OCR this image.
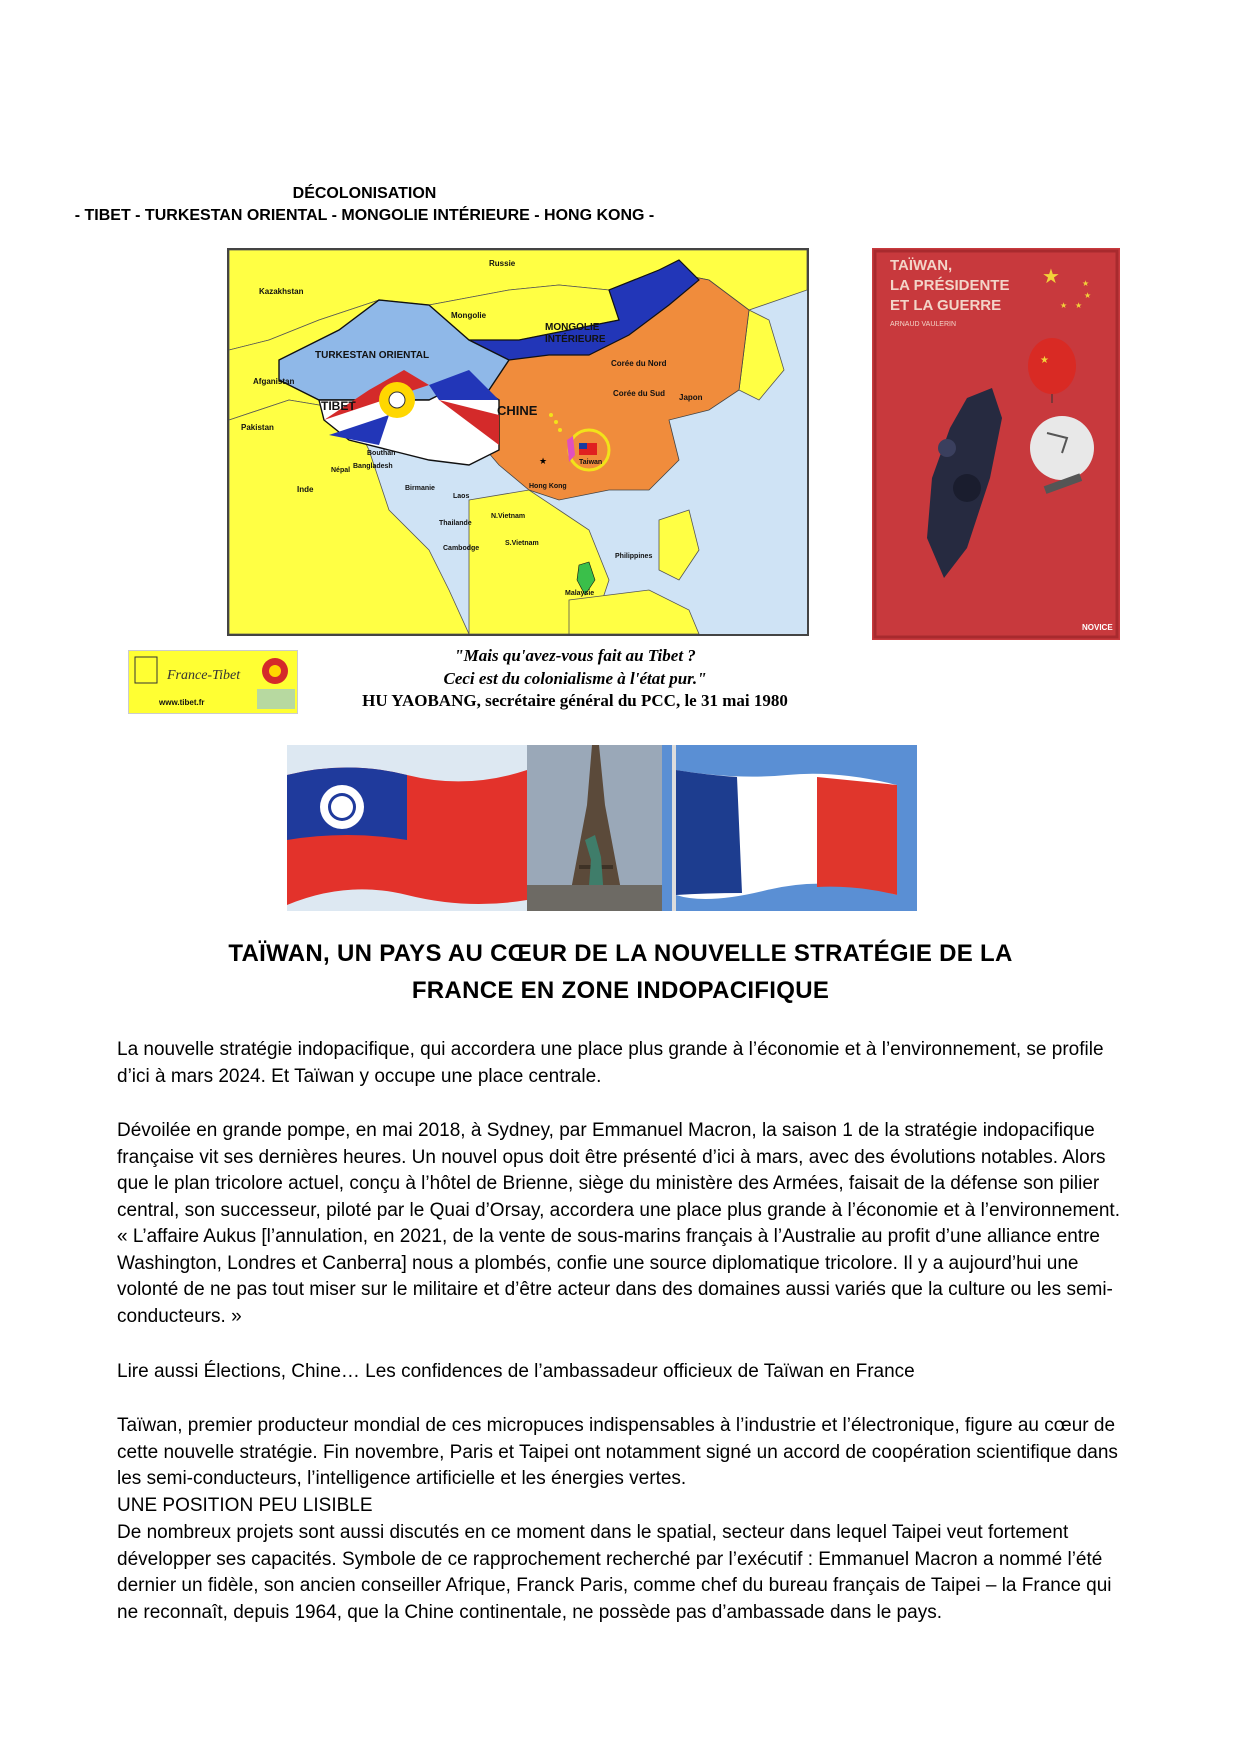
DÉCOLONISATION
- TIBET - TURKESTAN ORIENTAL - MONGOLIE INTÉRIEURE - HONG KONG -
★
Russie
Kazakhstan
Mongolie
MONGOLIE
INTÉRIEURE
TURKESTAN ORIENTAL
Afganistan
Corée du Nord
Corée du Sud Japon
Pakistan
TIBET	CHINE
Népal
Bouthan
Bangladesh
Inde	Birmanie
Laos
Hong Kong
Taiwan
N.Vietnam
Thailande
Cambodge
S.Vietnam
Philippines
Malaysie
TAÏWAN,
LA PRÉSIDENTE
ET LA GUERRE
ARNAUD VAULERIN
★	★
★
★
★
★
NOVICE
France-Tibet
www.tibet.fr
"Mais qu'avez-vous fait au Tibet ?
Ceci est du colonialisme à l'état pur."
HU YAOBANG, secrétaire général du PCC, le 31 mai 1980
TAÏWAN, UN PAYS AU CŒUR DE LA NOUVELLE STRATÉGIE DE LA
FRANCE EN ZONE INDOPACIFIQUE
La nouvelle stratégie indopacifique, qui accordera une place plus grande à l’économie et à l’environnement, se profile d’ici à mars 2024. Et Taïwan y occupe une place centrale.
Dévoilée en grande pompe, en mai 2018, à Sydney, par Emmanuel Macron, la saison 1 de la stratégie indopacifique française vit ses dernières heures. Un nouvel opus doit être présenté d’ici à mars, avec des évolutions notables. Alors que le plan tricolore actuel, conçu à l’hôtel de Brienne, siège du ministère des Armées, faisait de la défense son pilier central, son successeur, piloté par le Quai d’Orsay, accordera une place plus grande à l’économie et à l’environnement. « L’affaire Aukus [l’annulation, en 2021, de la vente de sous-marins français à l’Australie au profit d’une alliance entre Washington, Londres et Canberra] nous a plombés, confie une source diplomatique tricolore. Il y a aujourd’hui une volonté de ne pas tout miser sur le militaire et d’être acteur dans des domaines aussi variés que la culture ou les semi-conducteurs. »
Lire aussi Élections, Chine… Les confidences de l’ambassadeur officieux de Taïwan en France
Taïwan, premier producteur mondial de ces micropuces indispensables à l’industrie et l’électronique, figure au cœur de cette nouvelle stratégie. Fin novembre, Paris et Taipei ont notamment signé un accord de coopération scientifique dans les semi-conducteurs, l’intelligence artificielle et les énergies vertes.
UNE POSITION PEU LISIBLE
De nombreux projets sont aussi discutés en ce moment dans le spatial, secteur dans lequel Taipei veut fortement développer ses capacités. Symbole de ce rapprochement recherché par l’exécutif : Emmanuel Macron a nommé l’été dernier un fidèle, son ancien conseiller Afrique, Franck Paris, comme chef du bureau français de Taipei – la France qui ne reconnaît, depuis 1964, que la Chine continentale, ne possède pas d’ambassade dans le pays.
